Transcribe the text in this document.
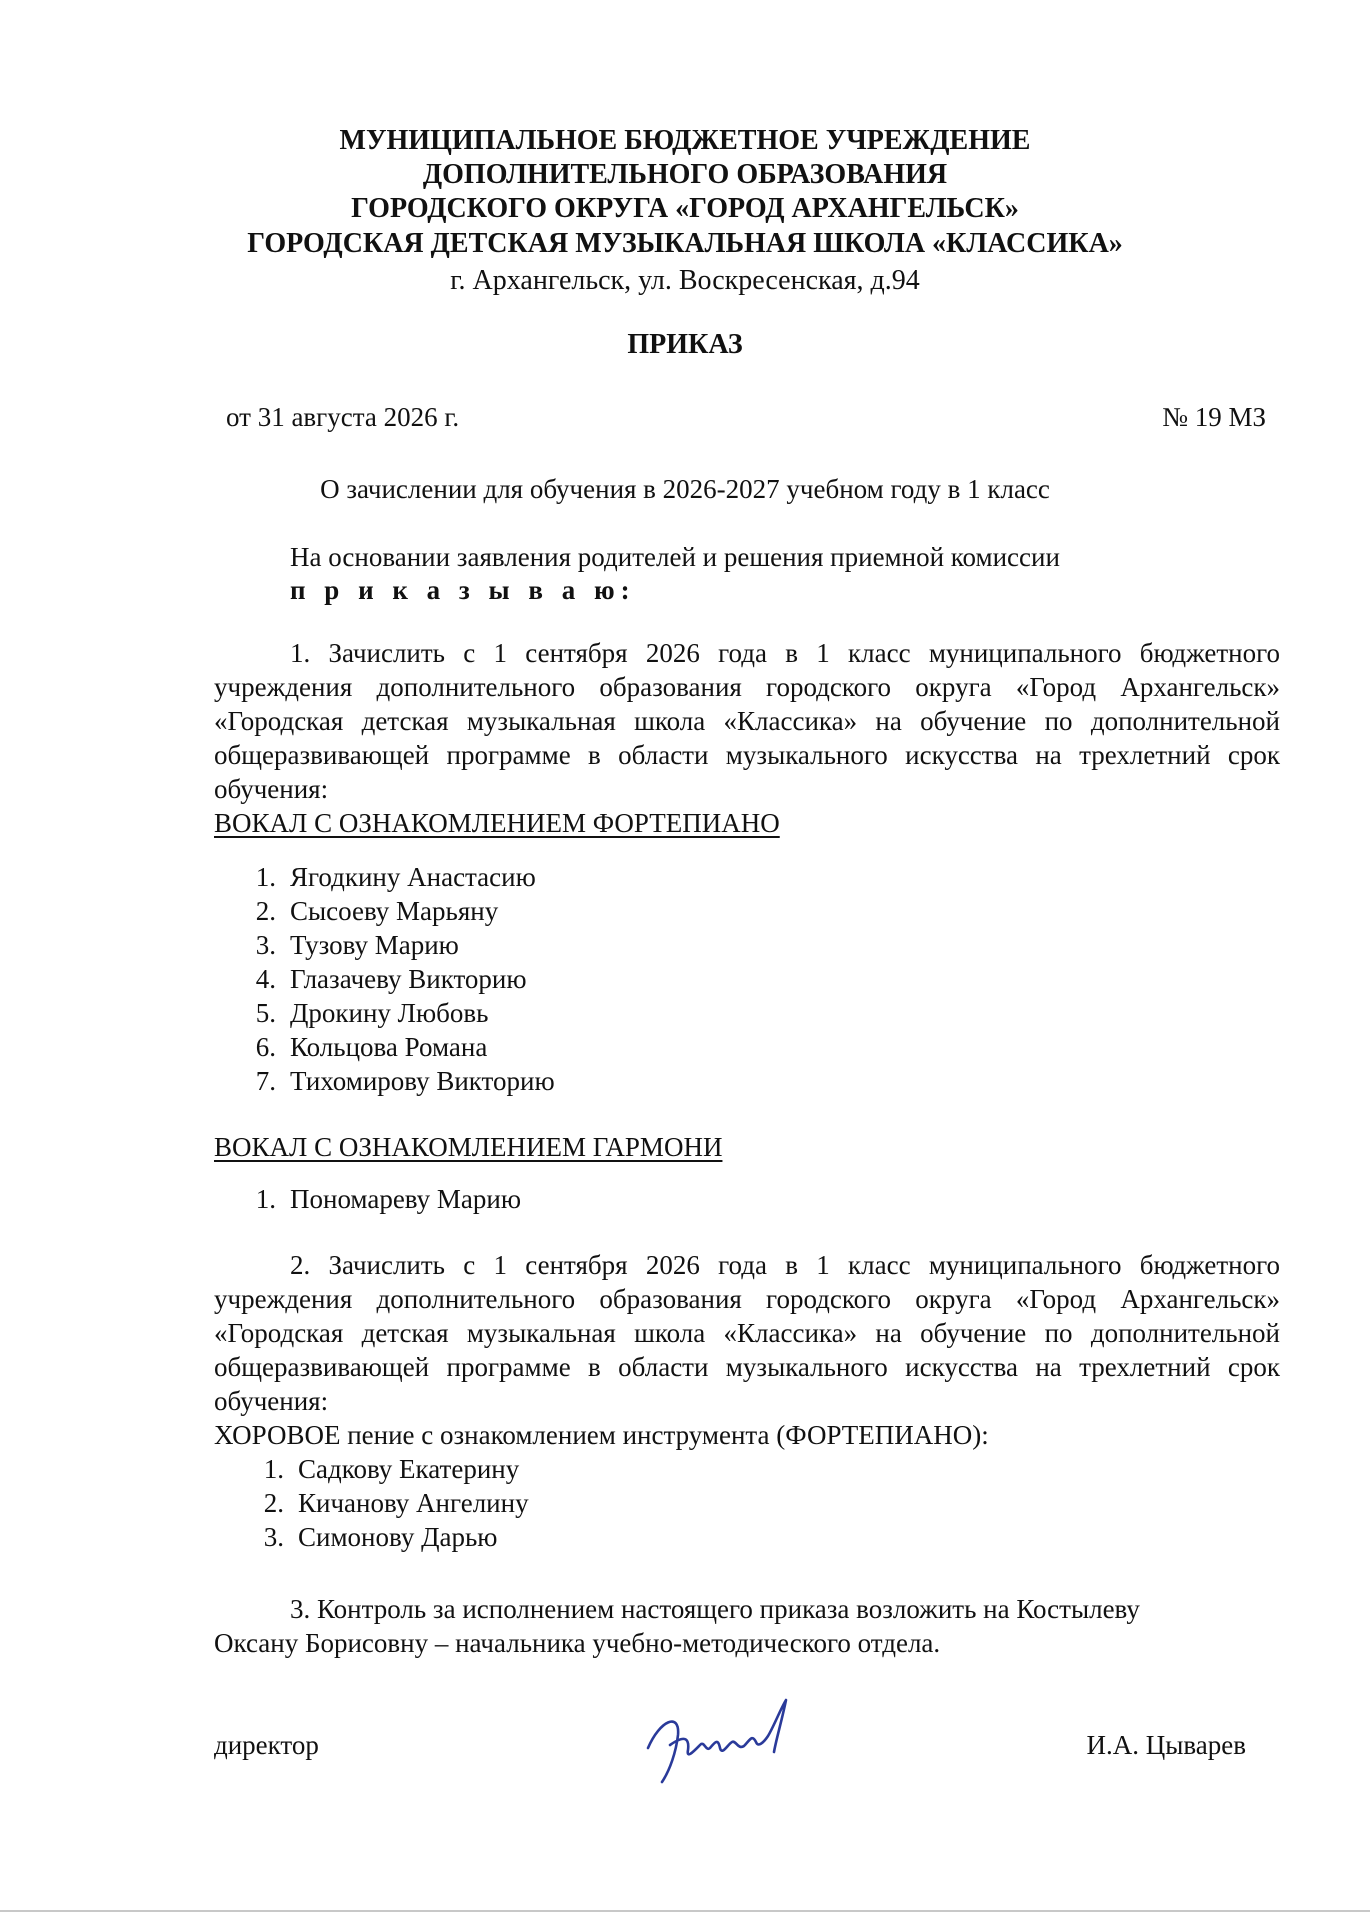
МУНИЦИПАЛЬНОЕ БЮДЖЕТНОЕ УЧРЕЖДЕНИЕ
ДОПОЛНИТЕЛЬНОГО ОБРАЗОВАНИЯ
ГОРОДСКОГО ОКРУГА «ГОРОД АРХАНГЕЛЬСК»
ГОРОДСКАЯ ДЕТСКАЯ МУЗЫКАЛЬНАЯ ШКОЛА «КЛАССИКА»
г. Архангельск, ул. Воскресенская, д.94
ПРИКАЗ
от 31 августа 2026 г.	№ 19 МЗ
О зачислении для обучения в 2026-2027 учебном году в 1 класс
На основании заявления родителей и решения приемной комиссии
п р и к а з ы в а ю:
1. Зачислить с 1 сентября 2026 года в 1 класс муниципального бюджетного
учреждения дополнительного образования городского округа «Город Архангельск»
«Городская детская музыкальная школа «Классика» на обучение по дополнительной
общеразвивающей программе в области музыкального искусства на трехлетний срок
обучения:
ВОКАЛ С ОЗНАКОМЛЕНИЕМ ФОРТЕПИАНО
1. Ягодкину Анастасию
2. Сысоеву Марьяну
3. Тузову Марию
4. Глазачеву Викторию
5. Дрокину Любовь
6. Кольцова Романа
7. Тихомирову Викторию
ВОКАЛ С ОЗНАКОМЛЕНИЕМ ГАРМОНИ
1. Пономареву Марию
2. Зачислить с 1 сентября 2026 года в 1 класс муниципального бюджетного
учреждения дополнительного образования городского округа «Город Архангельск»
«Городская детская музыкальная школа «Классика» на обучение по дополнительной
общеразвивающей программе в области музыкального искусства на трехлетний срок
обучения:
ХОРОВОЕ пение с ознакомлением инструмента (ФОРТЕПИАНО):
1. Садкову Екатерину
2. Кичанову Ангелину
3. Симонову Дарью
3. Контроль за исполнением настоящего приказа возложить на Костылеву
Оксану Борисовну – начальника учебно-методического отдела.
директор	И.А. Цыварев
